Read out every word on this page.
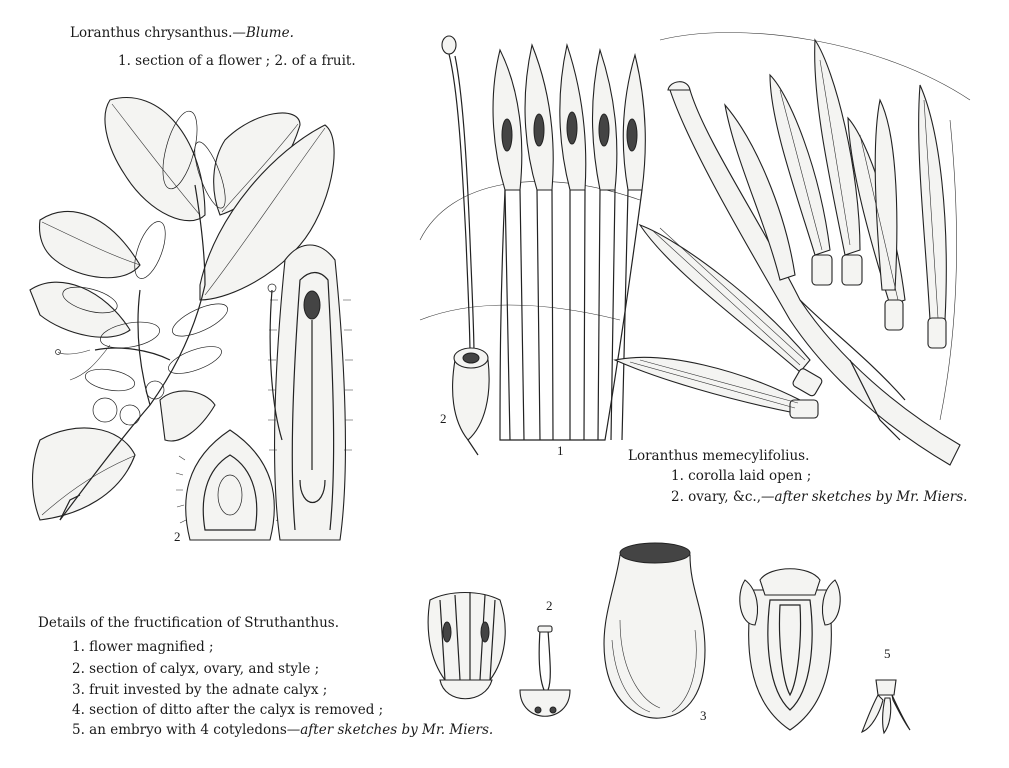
Loranthus chrysanthus.—Blume.
1. section of a flower ; 2. of a fruit.
Loranthus memecylifolius.
1. corolla laid open ;
2. ovary, &c.,—after sketches by Mr. Miers.
Details of the fructification of Struthanthus.
1. flower magnified ;
2. section of calyx, ovary, and style ;
3. fruit invested by the adnate calyx ;
4. section of ditto after the calyx is removed ;
5. an embryo with 4 cotyledons—after sketches by Mr. Miers.
2
2
1
2
3
5
